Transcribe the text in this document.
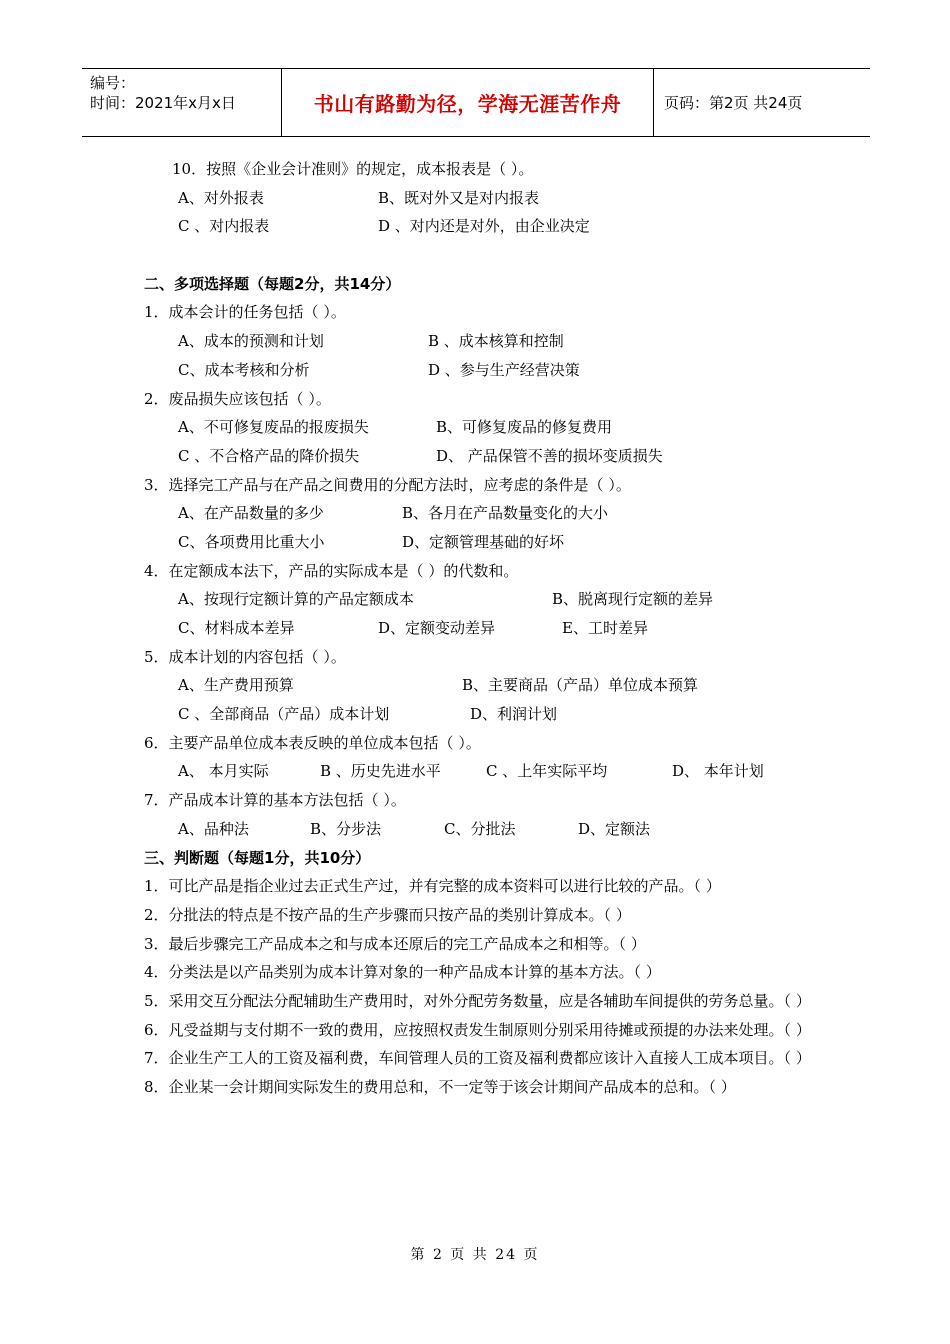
编号：
时间：2021年x月x日	书山有路勤为径，学海无涯苦作舟	页码：第2页 共24页
10．按照《企业会计准则》的规定，成本报表是（ ）。
A、对外报表	B、既对外又是对内报表
C 、对内报表	D 、对内还是对外，由企业决定
二、多项选择题（每题2分，共14分）
1．成本会计的任务包括（ ）。
A、成本的预测和计划	B 、成本核算和控制
C、成本考核和分析	D 、参与生产经营决策
2．废品损失应该包括（ ）。
A、不可修复废品的报废损失	B、可修复废品的修复费用
C 、不合格产品的降价损失	D、 产品保管不善的损坏变质损失
3．选择完工产品与在产品之间费用的分配方法时，应考虑的条件是（ ）。
A、在产品数量的多少	B、各月在产品数量变化的大小
C、各项费用比重大小	D、定额管理基础的好坏
4．在定额成本法下，产品的实际成本是（ ）的代数和。
A、按现行定额计算的产品定额成本	B、脱离现行定额的差异
C、材料成本差异	D、定额变动差异	E、工时差异
5．成本计划的内容包括（ ）。
A、生产费用预算	B、主要商品（产品）单位成本预算
C 、全部商品（产品）成本计划	D、利润计划
6．主要产品单位成本表反映的单位成本包括（ ）。
A、 本月实际	B 、历史先进水平	C 、上年实际平均	D、 本年计划
7．产品成本计算的基本方法包括（ ）。
A、品种法	B、分步法	C、分批法	D、定额法
三、判断题（每题1分，共10分）
1．可比产品是指企业过去正式生产过，并有完整的成本资料可以进行比较的产品。（ ）
2．分批法的特点是不按产品的生产步骤而只按产品的类别计算成本。（ ）
3．最后步骤完工产品成本之和与成本还原后的完工产品成本之和相等。（ ）
4．分类法是以产品类别为成本计算对象的一种产品成本计算的基本方法。（ ）
5．采用交互分配法分配辅助生产费用时，对外分配劳务数量，应是各辅助车间提供的劳务总量。（ ）
6．凡受益期与支付期不一致的费用，应按照权责发生制原则分别采用待摊或预提的办法来处理。（ ）
7．企业生产工人的工资及福利费，车间管理人员的工资及福利费都应该计入直接人工成本项目。（ ）
8．企业某一会计期间实际发生的费用总和，不一定等于该会计期间产品成本的总和。（ ）
第 2 页 共 24 页
